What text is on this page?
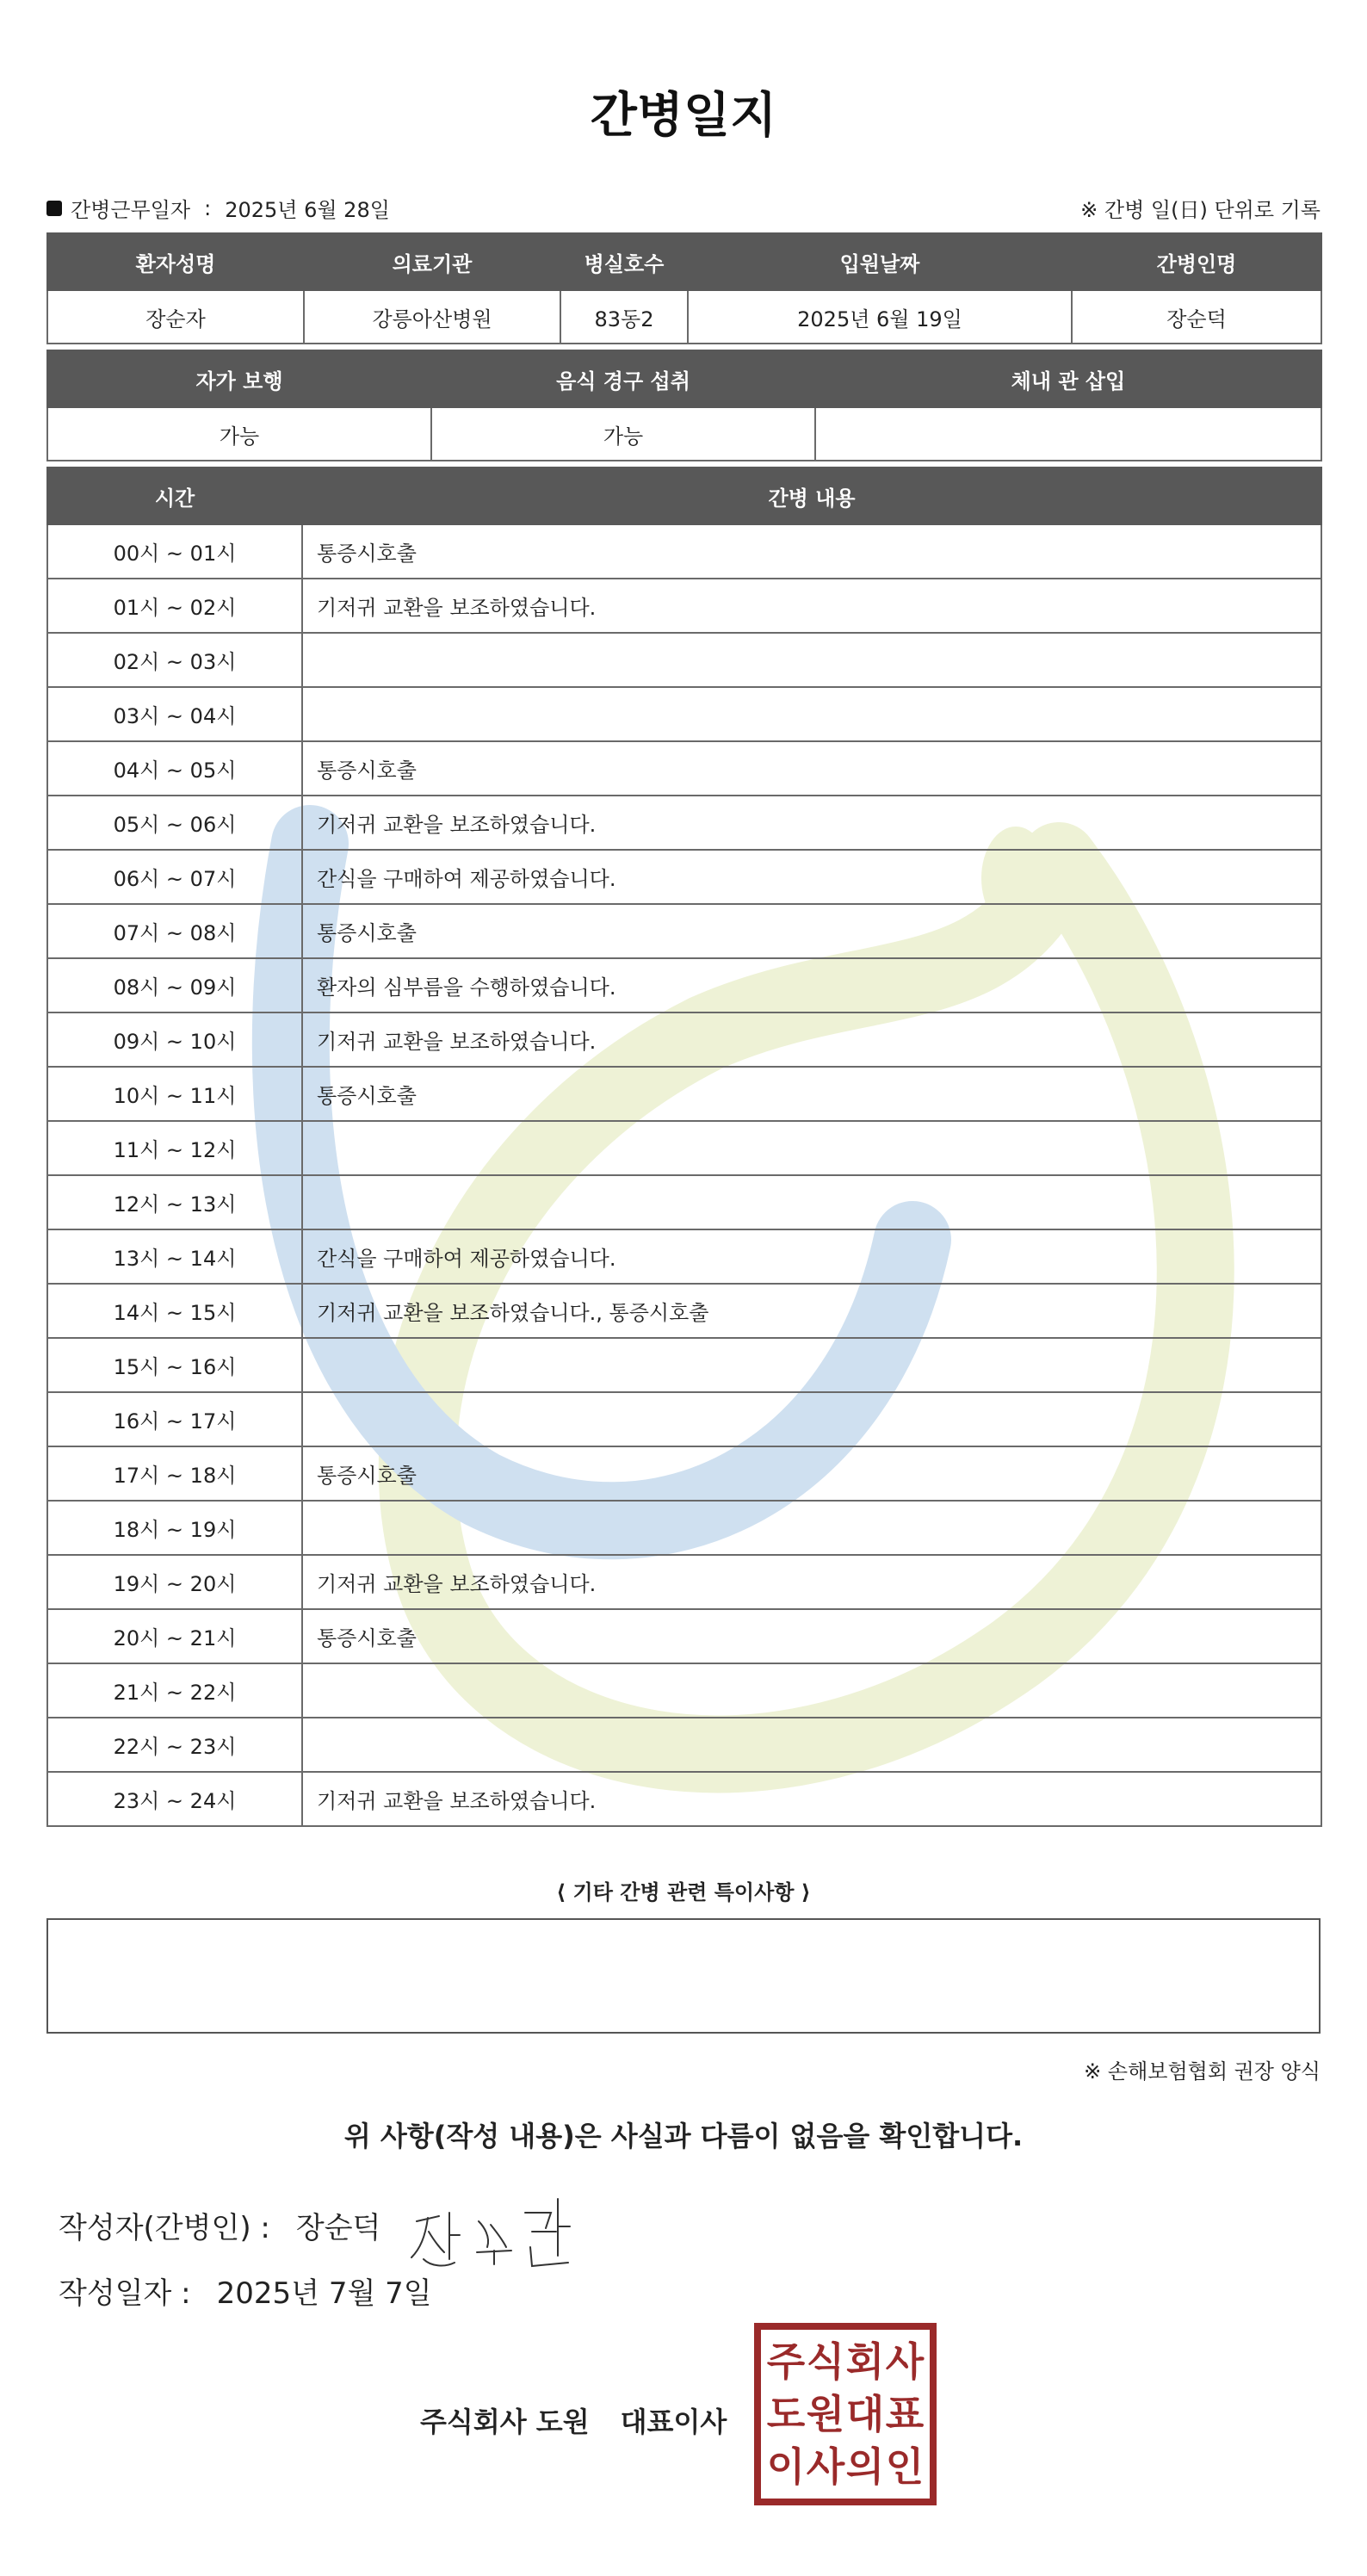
간병일지
간병근무일자 : 2025년 6월 28일	※ 간병 일(日) 단위로 기록
환자성명	의료기관	병실호수	입원날짜	간병인명
장순자	강릉아산병원	83동2	2025년 6월 19일	장순덕
자가 보행	음식 경구 섭취	체내 관 삽입
가능	가능	
시간	간병 내용
00시 ~ 01시	통증시호출
01시 ~ 02시	기저귀 교환을 보조하였습니다.
02시 ~ 03시	
03시 ~ 04시	
04시 ~ 05시	통증시호출
05시 ~ 06시	기저귀 교환을 보조하였습니다.
06시 ~ 07시	간식을 구매하여 제공하였습니다.
07시 ~ 08시	통증시호출
08시 ~ 09시	환자의 심부름을 수행하였습니다.
09시 ~ 10시	기저귀 교환을 보조하였습니다.
10시 ~ 11시	통증시호출
11시 ~ 12시	
12시 ~ 13시	
13시 ~ 14시	간식을 구매하여 제공하였습니다.
14시 ~ 15시	기저귀 교환을 보조하였습니다., 통증시호출
15시 ~ 16시	
16시 ~ 17시	
17시 ~ 18시	통증시호출
18시 ~ 19시	
19시 ~ 20시	기저귀 교환을 보조하였습니다.
20시 ~ 21시	통증시호출
21시 ~ 22시	
22시 ~ 23시	
23시 ~ 24시	기저귀 교환을 보조하였습니다.
⟨ 기타 간병 관련 특이사항 ⟩
※ 손해보험협회 권장 양식
위 사항(작성 내용)은 사실과 다름이 없음을 확인합니다.
작성자(간병인) : 장순덕
작성일자 : 2025년 7월 7일
주식회사 도원 대표이사
주 식 회 사
도 원 대 표
이 사 의 인
